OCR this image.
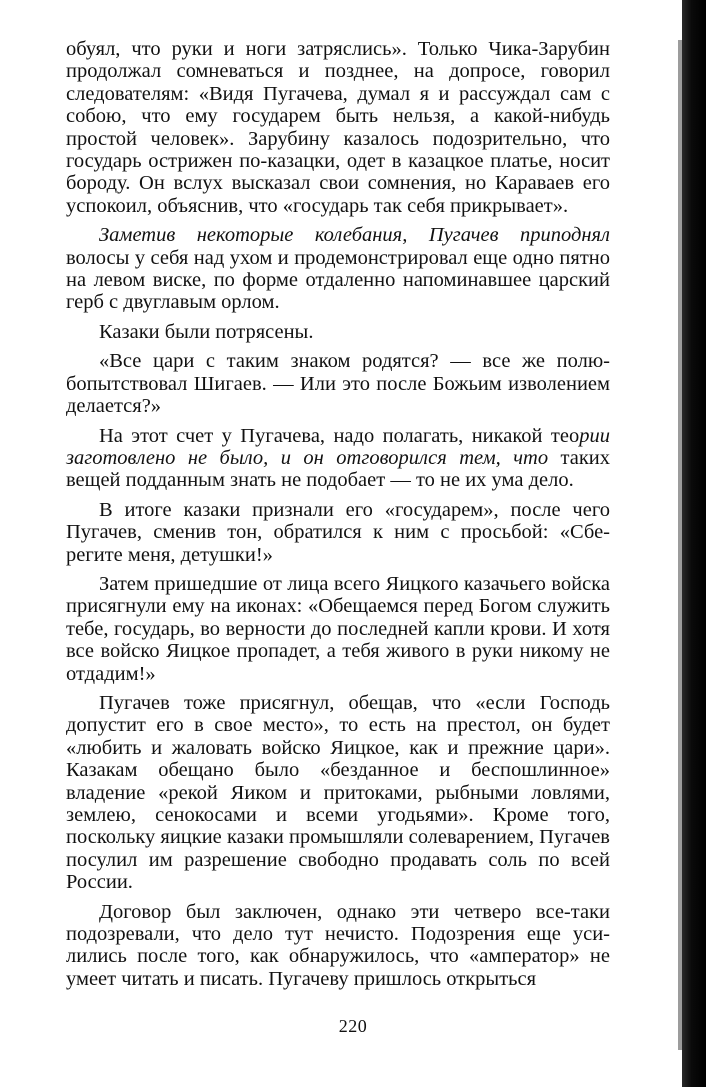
обуял, что руки и ноги затряслись». Только Чика-Зарубин продолжал сомневаться и позднее, на допросе, говорил следователям: «Видя Пугачева, думал я и рассуждал сам с собою, что ему государем быть нельзя, а какой-нибудь простой человек». Зарубину казалось подозрительно, что государь острижен по-казацки, одет в казацкое платье, носит бороду. Он вслух высказал свои сомнения, но Караваев его успокоил, объяснив, что «государь так себя прикрывает».

Заметив некоторые колебания, Пугачев приподнял волосы у себя над ухом и продемонстрировал еще одно пятно на левом виске, по форме отдаленно напоминавшее царский герб с двуглавым орлом.

Казаки были потрясены.

«Все цари с таким знаком родятся? — все же полюбопытствовал Шигаев. — Или это после Божьим изволением делается?»

На этот счет у Пугачева, надо полагать, никакой теории заготовлено не было, и он отговорился тем, что таких вещей подданным знать не подобает — то не их ума дело.

В итоге казаки признали его «государем», после чего Пугачев, сменив тон, обратился к ним с просьбой: «Сберегите меня, детушки!»

Затем пришедшие от лица всего Яицкого казачьего войска присягнули ему на иконах: «Обещаемся перед Богом служить тебе, государь, во верности до последней капли крови. И хотя все войско Яицкое пропадет, а тебя живого в руки никому не отдадим!»

Пугачев тоже присягнул, обещав, что «если Господь допустит его в свое место», то есть на престол, он будет «любить и жаловать войско Яицкое, как и прежние цари». Казакам обещано было «безданное и беспошлинное» владение «рекой Яиком и притоками, рыбными ловлями, землею, сенокосами и всеми угодьями». Кроме того, поскольку яицкие казаки промышляли солеварением, Пугачев посулил им разрешение свободно продавать соль по всей России.

Договор был заключен, однако эти четверо все-таки подозревали, что дело тут нечисто. Подозрения еще усилились после того, как обнаружилось, что «амператор» не умеет читать и писать. Пугачеву пришлось открыться

220
